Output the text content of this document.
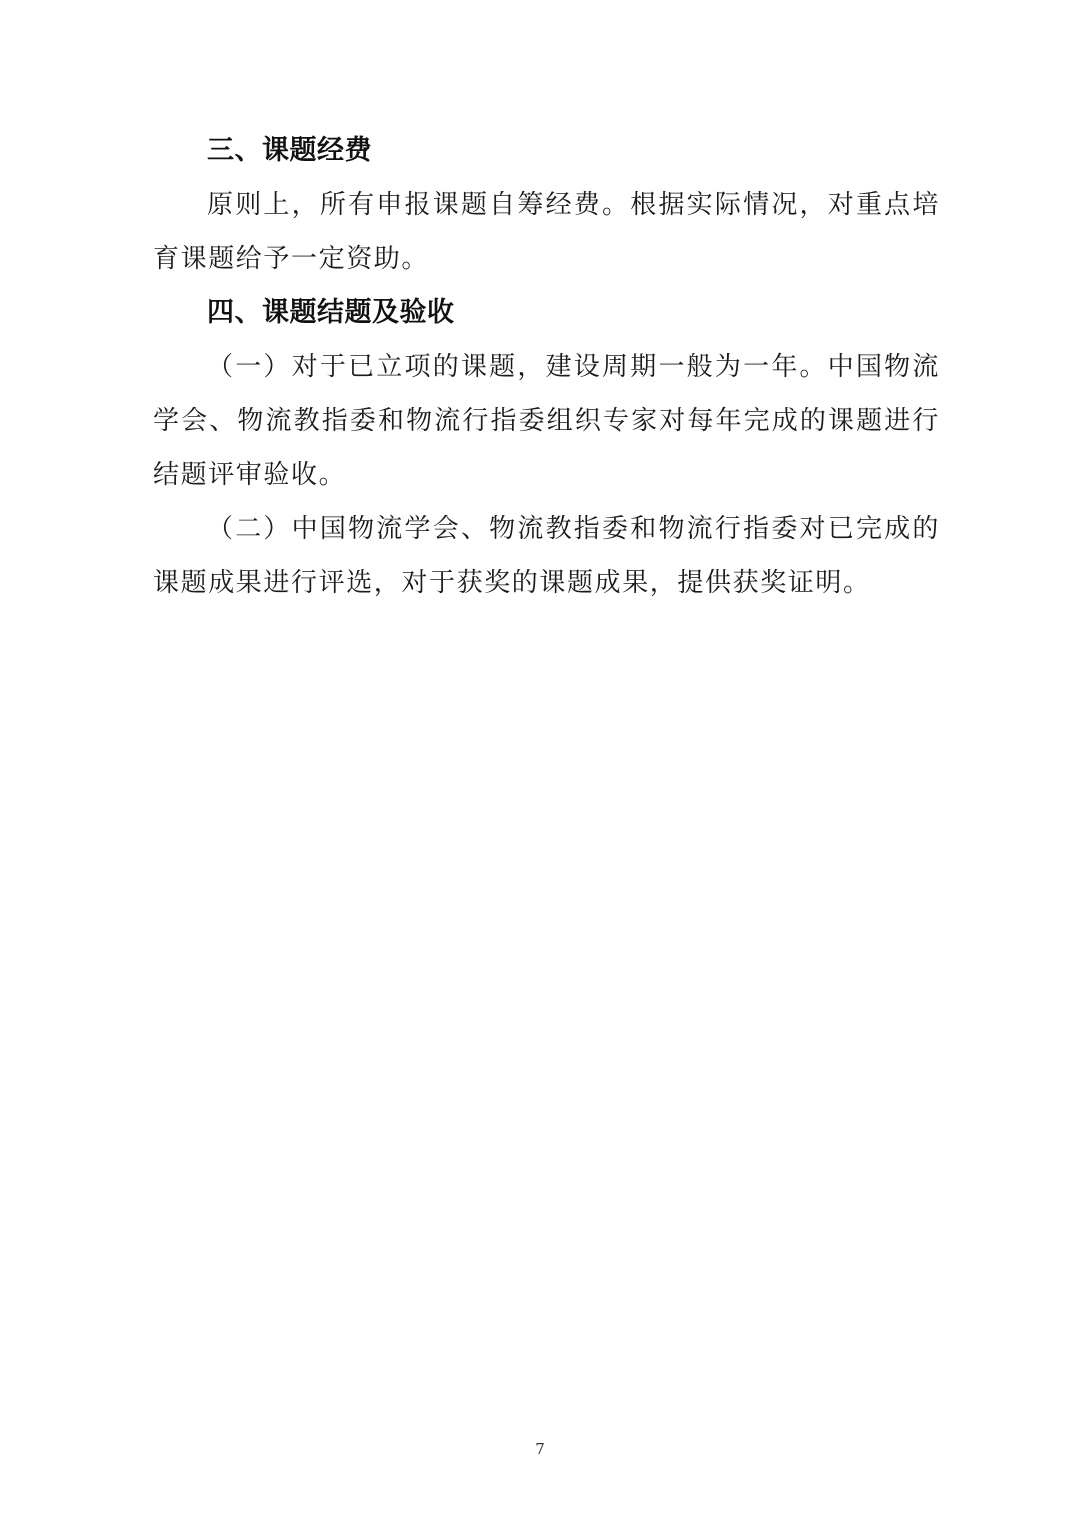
三、课题经费

原则上，所有申报课题自筹经费。根据实际情况，对重点培育课题给予一定资助。

四、课题结题及验收

（一）对于已立项的课题，建设周期一般为一年。中国物流学会、物流教指委和物流行指委组织专家对每年完成的课题进行结题评审验收。

（二）中国物流学会、物流教指委和物流行指委对已完成的课题成果进行评选，对于获奖的课题成果，提供获奖证明。

7
